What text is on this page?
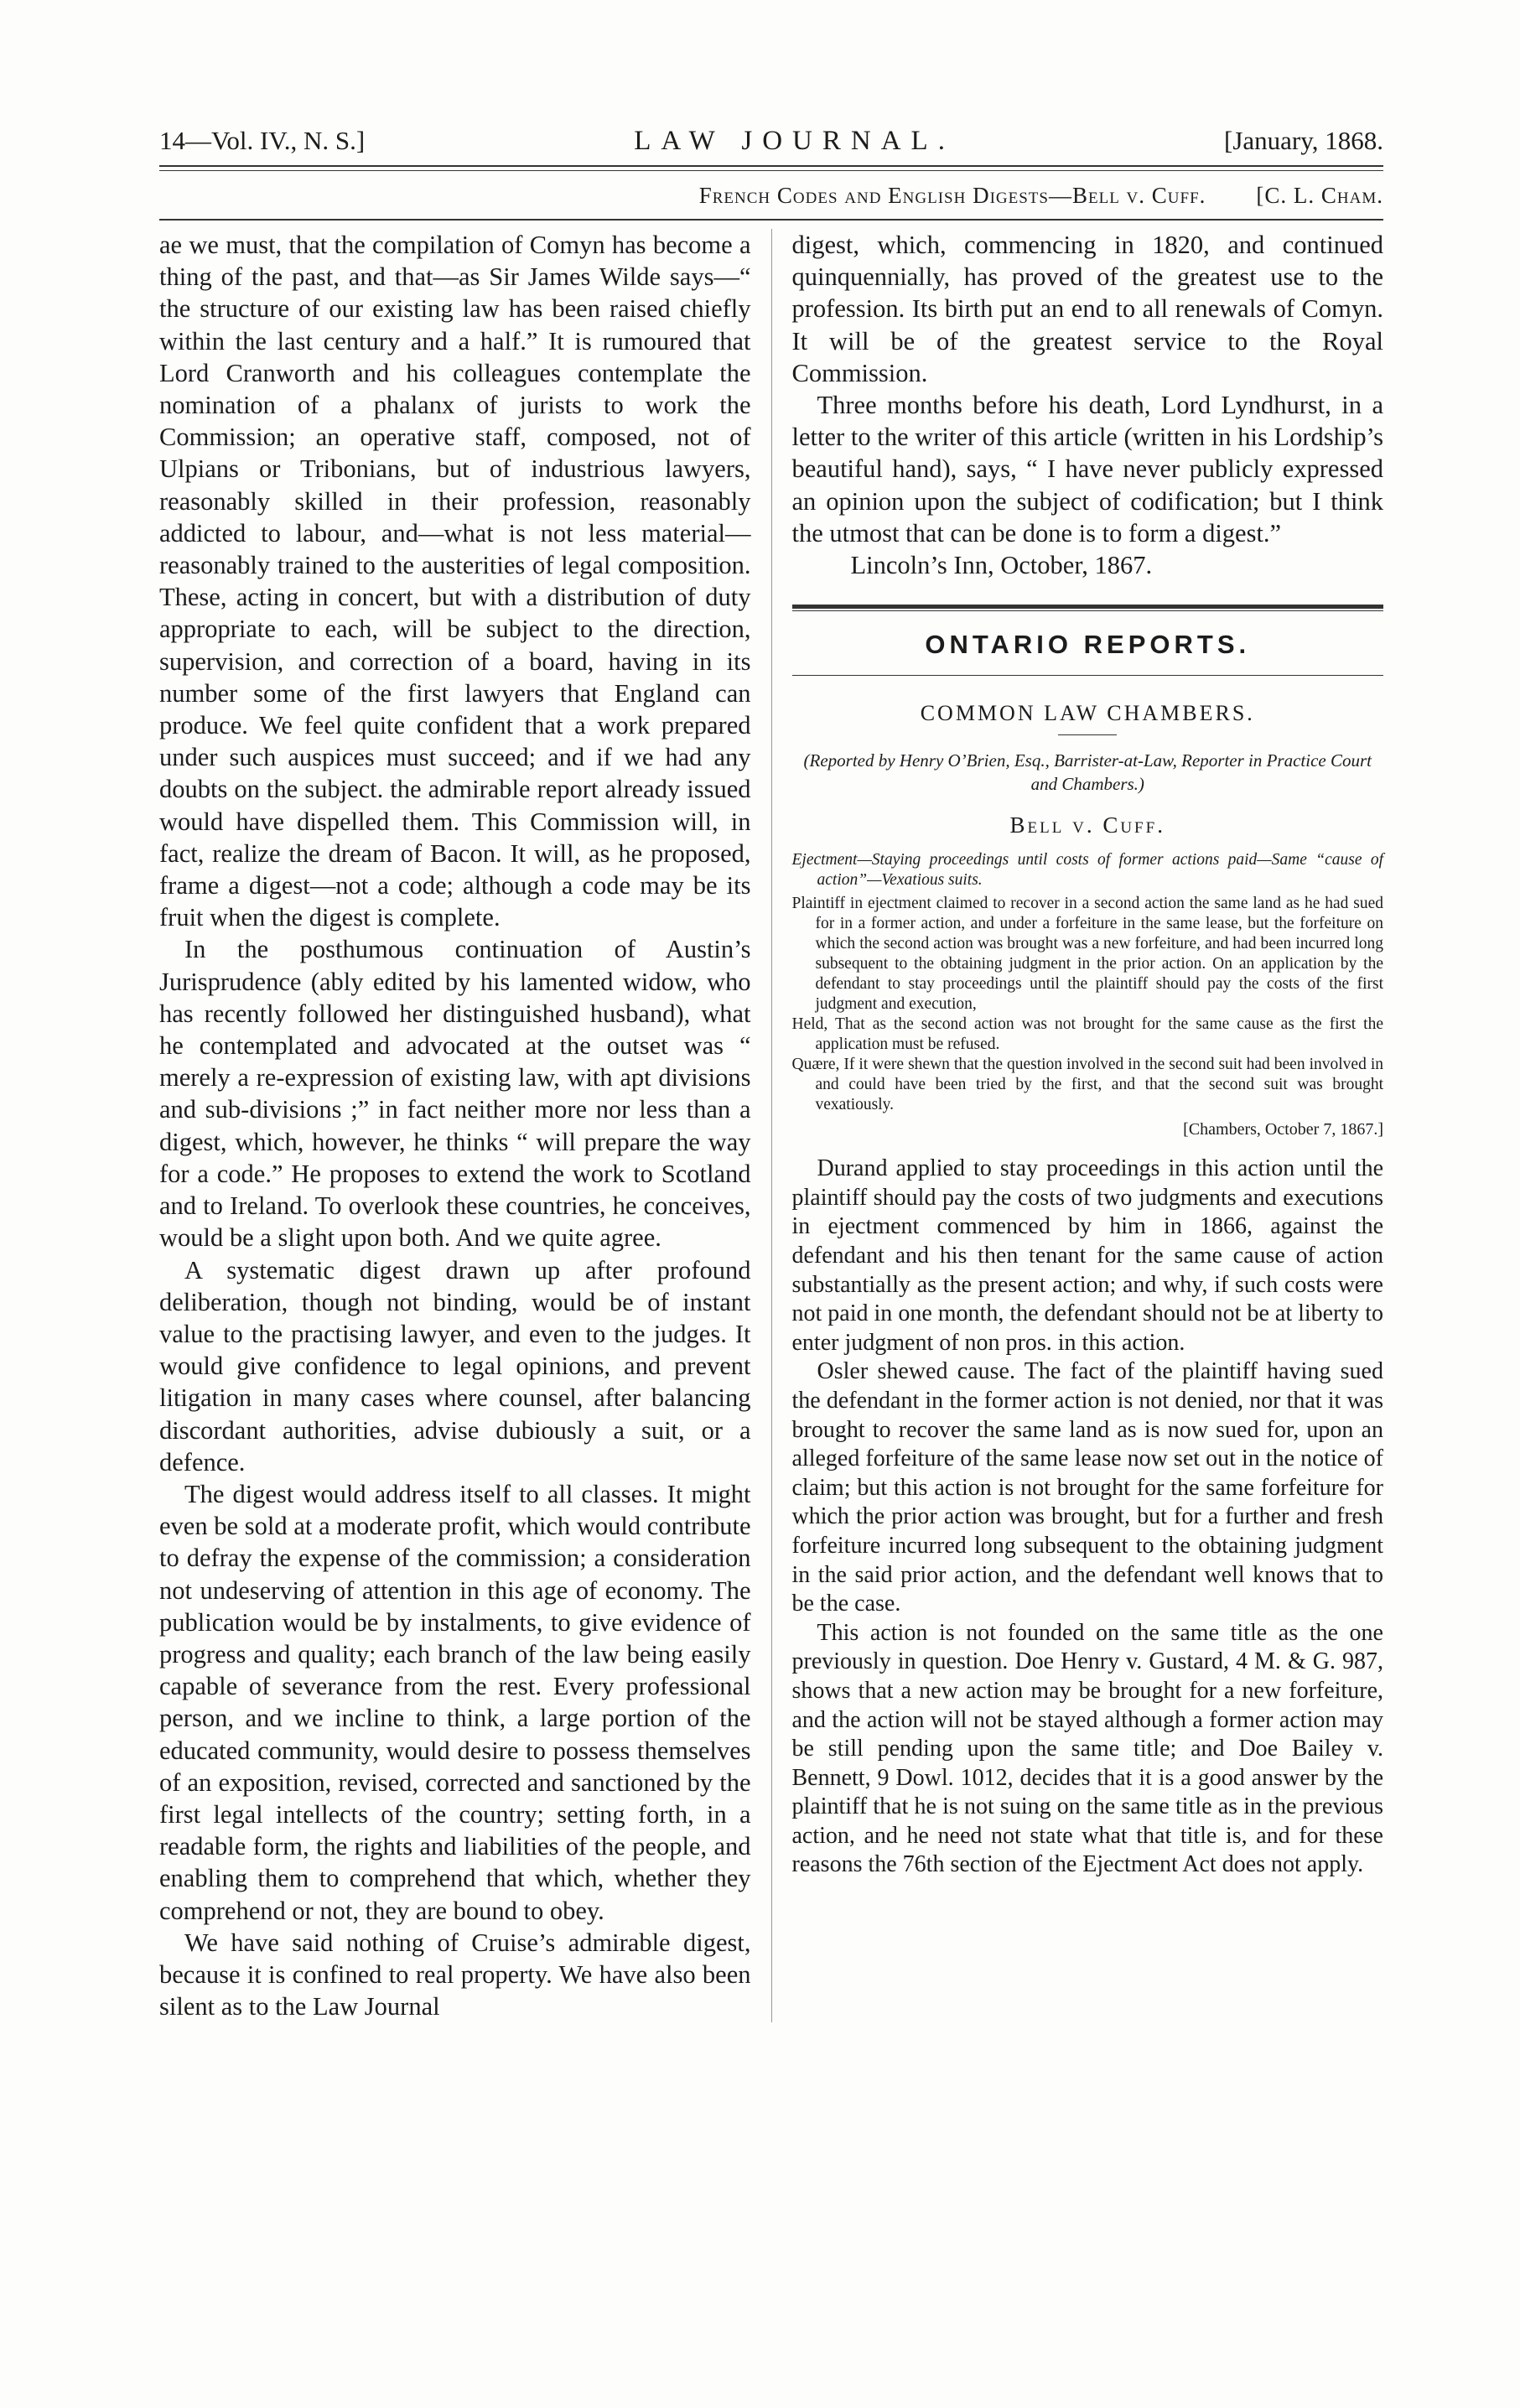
14—Vol. IV., N. S.]	LAW JOURNAL.	[January, 1868.
French Codes and English Digests—Bell v. Cuff. [C. L. Cham.

ae we must, that the compilation of Comyn has become a thing of the past, and that—as Sir James Wilde says—“ the structure of our existing law has been raised chiefly within the last century and a half.” It is rumoured that Lord Cranworth and his colleagues contemplate the nomination of a phalanx of jurists to work the Commission; an operative staff, composed, not of Ulpians or Tribonians, but of industrious lawyers, reasonably skilled in their profession, reasonably addicted to labour, and—what is not less material—reasonably trained to the austerities of legal composition. These, acting in concert, but with a distribution of duty appropriate to each, will be subject to the direction, supervision, and correction of a board, having in its number some of the first lawyers that England can produce. We feel quite confident that a work prepared under such auspices must succeed; and if we had any doubts on the subject. the admirable report already issued would have dispelled them. This Commission will, in fact, realize the dream of Bacon. It will, as he proposed, frame a digest—not a code; although a code may be its fruit when the digest is complete.

In the posthumous continuation of Austin’s Jurisprudence (ably edited by his lamented widow, who has recently followed her distinguished husband), what he contemplated and advocated at the outset was “ merely a re-expression of existing law, with apt divisions and sub-divisions ;” in fact neither more nor less than a digest, which, however, he thinks “ will prepare the way for a code.” He proposes to extend the work to Scotland and to Ireland. To overlook these countries, he conceives, would be a slight upon both. And we quite agree.

A systematic digest drawn up after profound deliberation, though not binding, would be of instant value to the practising lawyer, and even to the judges. It would give confidence to legal opinions, and prevent litigation in many cases where counsel, after balancing discordant authorities, advise dubiously a suit, or a defence.

The digest would address itself to all classes. It might even be sold at a moderate profit, which would contribute to defray the expense of the commission; a consideration not undeserving of attention in this age of economy. The publication would be by instalments, to give evidence of progress and quality; each branch of the law being easily capable of severance from the rest. Every professional person, and we incline to think, a large portion of the educated community, would desire to possess themselves of an exposition, revised, corrected and sanctioned by the first legal intellects of the country; setting forth, in a readable form, the rights and liabilities of the people, and enabling them to comprehend that which, whether they comprehend or not, they are bound to obey.

We have said nothing of Cruise’s admirable digest, because it is confined to real property. We have also been silent as to the Law Journal

digest, which, commencing in 1820, and continued quinquennially, has proved of the greatest use to the profession. Its birth put an end to all renewals of Comyn. It will be of the greatest service to the Royal Commission.

Three months before his death, Lord Lyndhurst, in a letter to the writer of this article (written in his Lordship’s beautiful hand), says, “ I have never publicly expressed an opinion upon the subject of codification; but I think the utmost that can be done is to form a digest.”

Lincoln’s Inn, October, 1867.

ONTARIO REPORTS.
COMMON LAW CHAMBERS.
(Reported by Henry O’Brien, Esq., Barrister-at-Law, Reporter in Practice Court and Chambers.)
Bell v. Cuff.
Ejectment—Staying proceedings until costs of former actions paid—Same “cause of action”—Vexatious suits.
Plaintiff in ejectment claimed to recover in a second action the same land as he had sued for in a former action, and under a forfeiture in the same lease, but the forfeiture on which the second action was brought was a new forfeiture, and had been incurred long subsequent to the obtaining judgment in the prior action. On an application by the defendant to stay proceedings until the plaintiff should pay the costs of the first judgment and execution,
Held, That as the second action was not brought for the same cause as the first the application must be refused.
Quære, If it were shewn that the question involved in the second suit had been involved in and could have been tried by the first, and that the second suit was brought vexatiously.
[Chambers, October 7, 1867.]

Durand applied to stay proceedings in this action until the plaintiff should pay the costs of two judgments and executions in ejectment commenced by him in 1866, against the defendant and his then tenant for the same cause of action substantially as the present action; and why, if such costs were not paid in one month, the defendant should not be at liberty to enter judgment of non pros. in this action.

Osler shewed cause. The fact of the plaintiff having sued the defendant in the former action is not denied, nor that it was brought to recover the same land as is now sued for, upon an alleged forfeiture of the same lease now set out in the notice of claim; but this action is not brought for the same forfeiture for which the prior action was brought, but for a further and fresh forfeiture incurred long subsequent to the obtaining judgment in the said prior action, and the defendant well knows that to be the case.

This action is not founded on the same title as the one previously in question. Doe Henry v. Gustard, 4 M. & G. 987, shows that a new action may be brought for a new forfeiture, and the action will not be stayed although a former action may be still pending upon the same title; and Doe Bailey v. Bennett, 9 Dowl. 1012, decides that it is a good answer by the plaintiff that he is not suing on the same title as in the previous action, and he need not state what that title is, and for these reasons the 76th section of the Ejectment Act does not apply.
